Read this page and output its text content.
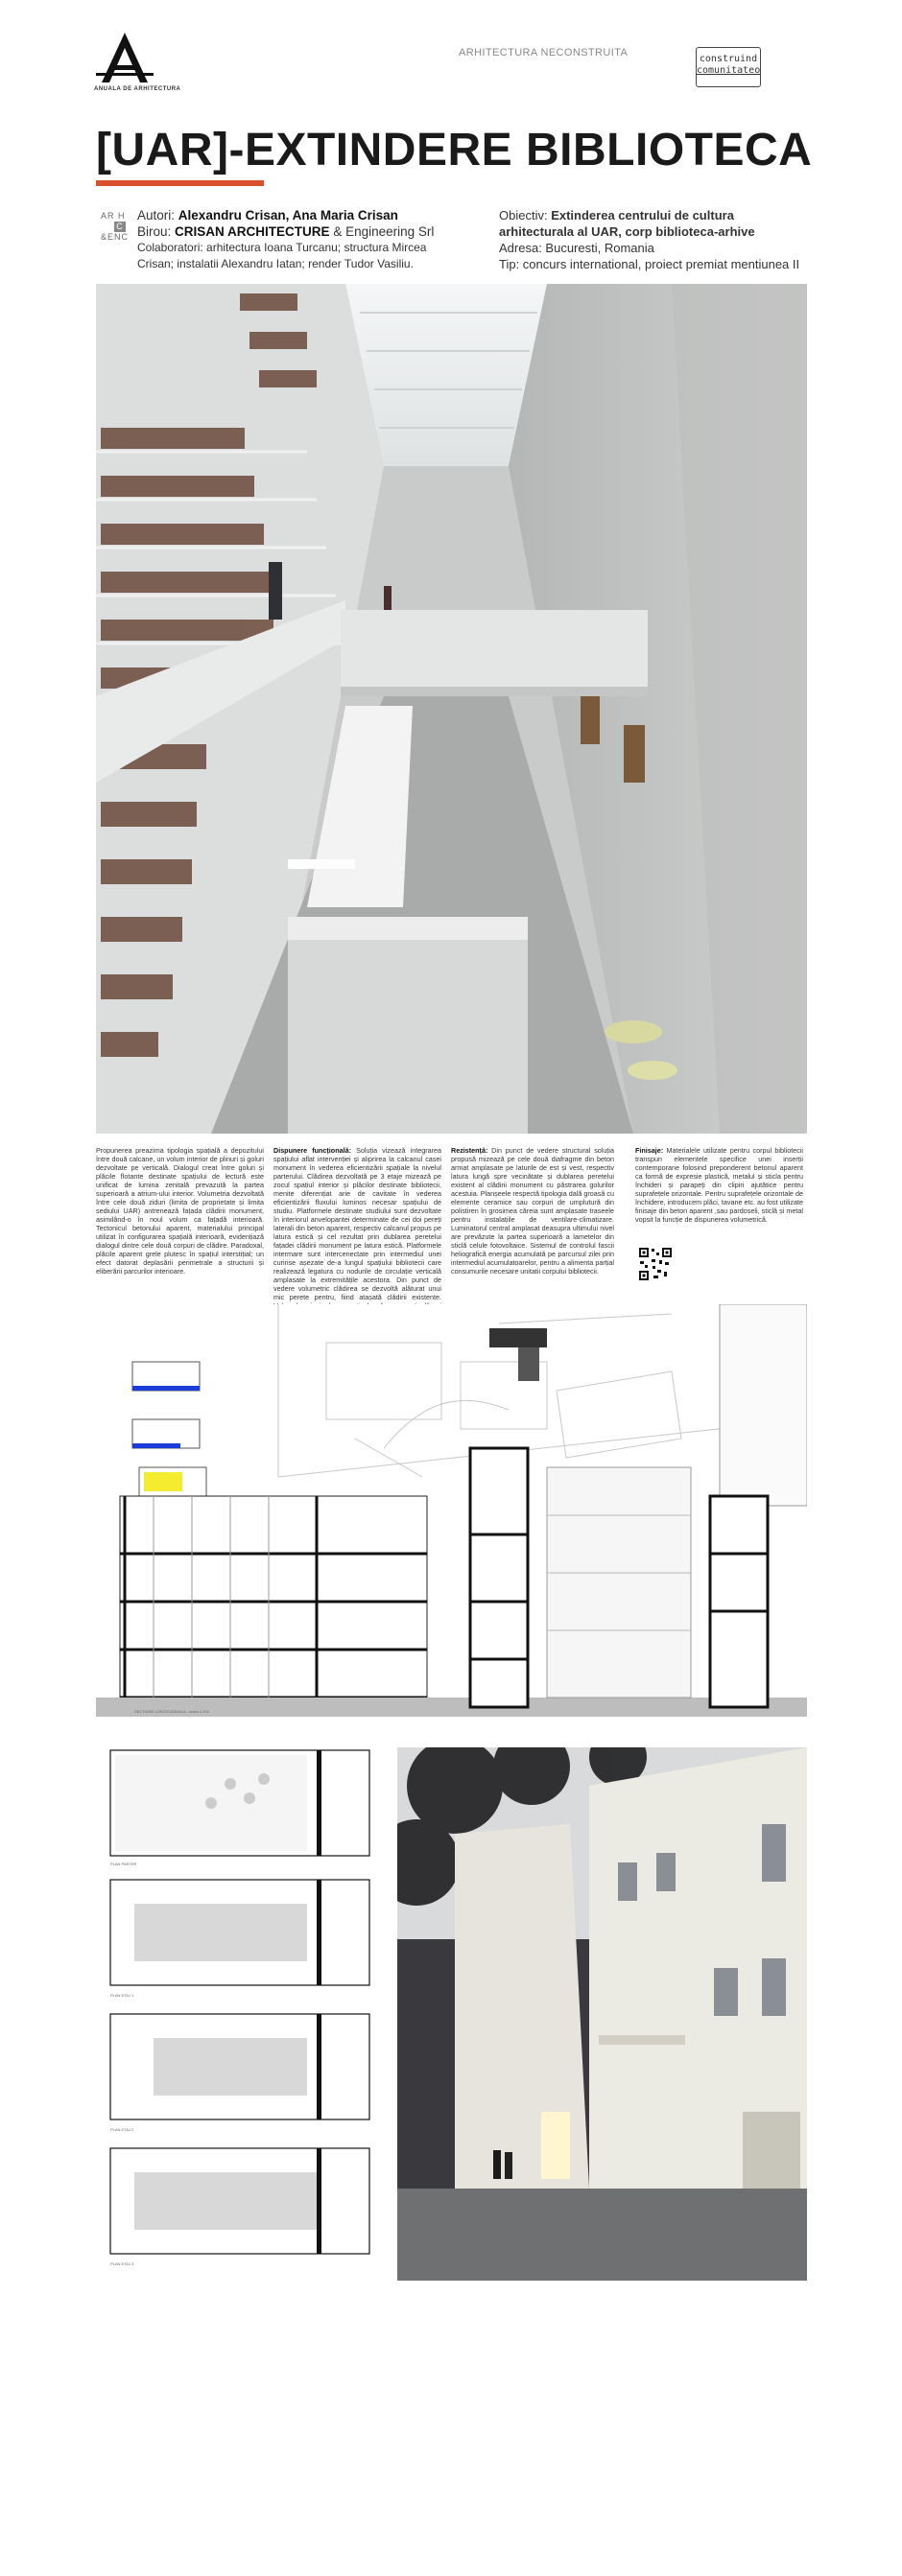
ANUALA DE ARHITECTURA
ARHITECTURA NECONSTRUITA
construind
comunitateo
[UAR]-EXTINDERE BIBLIOTECA
AR H
C
&ENC
Autori: Alexandru Crisan, Ana Maria Crisan
Birou: CRISAN ARCHITECTURE & Engineering Srl
Colaboratori: arhitectura Ioana Turcanu; structura Mircea
Crisan; instalatii Alexandru Iatan; render Tudor Vasiliu.
Obiectiv: Extinderea centrului de cultura
arhitecturala al UAR, corp biblioteca-arhive
Adresa: Bucuresti, Romania
Tip: concurs international, proiect premiat mentiunea II
Propunerea preazima tipologia spațială a depozitului între două calcane, un volum interior de plinuri și goluri dezvoltate pe verticală. Dialogul creat între goluri și plăcile flotante destinate spațiului de lectură este unificat de lumina zenitală prevazută la partea superioară a atrium-ului interior. Volumetria dezvoltată între cele două ziduri (limita de proprietate și limita sediului UAR) antrenează fațada clădirii monument, asimilând-o în noul volum ca fațadă interioară. Tectonicul betonului aparent, materialului principal utilizat în configurarea spațială interioară, evidențiază dialogul dintre cele două corpuri de clădire. Paradoxal, plăcile aparent grele plutesc în spațiul interstițial; un efect datorat deplasării perimetrale a structurii și eliberării parcurilor interioare.
Dispunere funcțională: Soluția vizează integrarea spațiului aflat intervenției și aliprirea la calcanul casei monument în vederea eficientizării spațiale la nivelul parterului. Clădirea dezvoltată pe 3 etaje mizează pe zocul spațiul interior și plăcilor destinate bibliotecii, menite diferențiat arie de cavitate în vederea eficientizării fluxului luminos necesar spațiului de studiu. Platformele destinate studiului sunt dezvoltate în interiorul anvelopantei determinate de cei doi pereți laterali din beton aparent, respectiv calcanul propus pe latura estică și cel rezultat prin dublarea peretelui fațadei clădirii monument pe latura estică. Platformele intermare sunt intercenectate prin intermediul unei curirise așezate de-a lungul spațiului bibliotecii care realizează legatura cu nodurile de circulație verticală amplasate la extremitățile acestora. Din punct de vedere volumetric clădirea se dezvoltă alăturat unui mic perete pentru, fiind atașată clădirii existente.
Rezistență: Din punct de vedere structural soluția propusă mizează pe cele două diafragme din beton armat amplasate pe laturile de est și vest, respectiv latura lungă spre vecinătate și dublarea peretelui existent al clădirii monument cu păstrarea golurilor acestuia. Planșeele respectă tipologia dală groasă cu elemente ceramice sau corpuri de umplutură din polistiren în grosimea căreia sunt amplasate traseele pentru instalațiile de ventilare-climatizare. Luminatorul central amplasat deasupra ultimului nivel are prevăzute la partea superioară a lametelor din sticlă celule fotovoltaice. Sistemul de controlul fascii heliografică energia acumulată pe parcursul zilei prin intermediul acumulatoarelor, pentru a alimenta parțial consumurile necesare unitatii corpului bibliotecii.
Finisaje: Materialele utilizate pentru corpul bibliotecii transpun elementele specifice unei inserții contemporane folosind preponderent betonul aparent ca formă de expresie plastică, metalul și sticla pentru închideri și parapeți din clipiri ajutătice pentru suprafețele orizontale. Pentru suprafețele orizontale de închidere, introducem plăci, tavane etc. au fost utilizate finisaje din beton aparent ,sau pardoseli, sticlă și metal vopsit la funcție de dispunerea volumetrică.
SECTIUNE LONGITUDINALA - scara 1:100
PLAN PARTER
PLAN ETAJ 1
PLAN ETAJ 2
PLAN ETAJ 3
